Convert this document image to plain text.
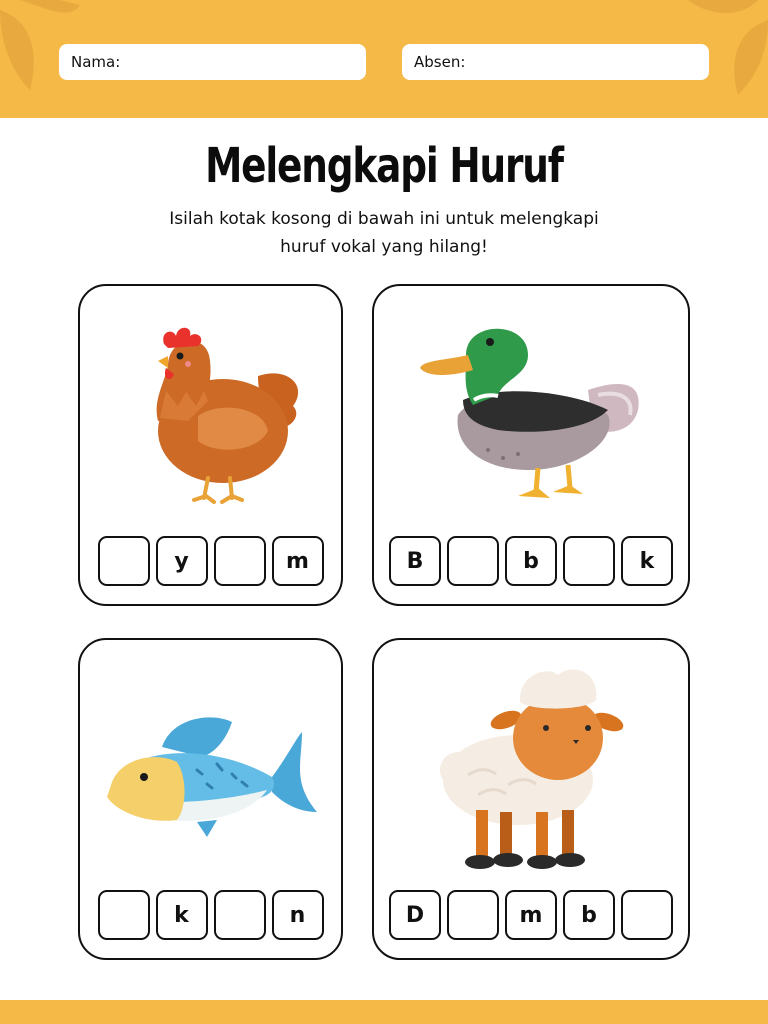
Nama:	Absen:
Melengkapi Huruf
Isilah kotak kosong di bawah ini untuk melengkapi
huruf vokal yang hilang!
y	m	B	b	k
k	n	D	m	b
